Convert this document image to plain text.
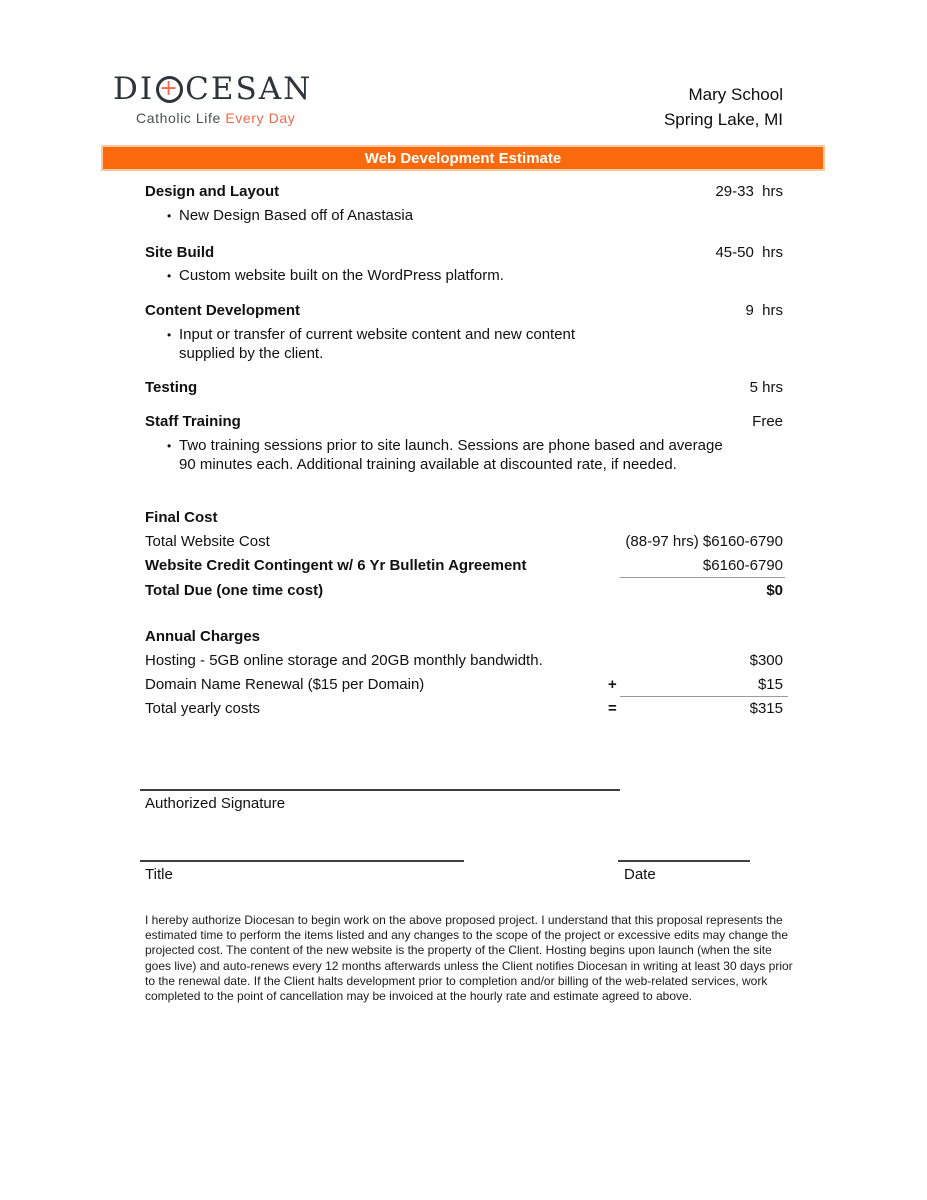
DI + CESAN
Catholic Life Every Day
Mary School
Spring Lake, MI
Web Development Estimate
Design and Layout	29-33  hrs
• New Design Based off of Anastasia
Site Build	45-50  hrs
• Custom website built on the WordPress platform.
Content Development	9  hrs
• Input or transfer of current website content and new content supplied by the client.
Testing	5 hrs
Staff Training	Free
• Two training sessions prior to site launch. Sessions are phone based and average 90 minutes each. Additional training available at discounted rate, if needed.
Final Cost
Total Website Cost	(88-97 hrs) $6160-6790
Website Credit Contingent w/ 6 Yr Bulletin Agreement	$6160-6790
Total Due (one time cost)	$0
Annual Charges
Hosting - 5GB online storage and 20GB monthly bandwidth.	$300
Domain Name Renewal ($15 per Domain)	+	$15
Total yearly costs	=	$315
Authorized Signature
Title	Date
I hereby authorize Diocesan to begin work on the above proposed project. I understand that this proposal represents the estimated time to perform the items listed and any changes to the scope of the project or excessive edits may change the projected cost. The content of the new website is the property of the Client. Hosting begins upon launch (when the site goes live) and auto-renews every 12 months afterwards unless the Client notifies Diocesan in writing at least 30 days prior to the renewal date. If the Client halts development prior to completion and/or billing of the web-related services, work completed to the point of cancellation may be invoiced at the hourly rate and estimate agreed to above.
